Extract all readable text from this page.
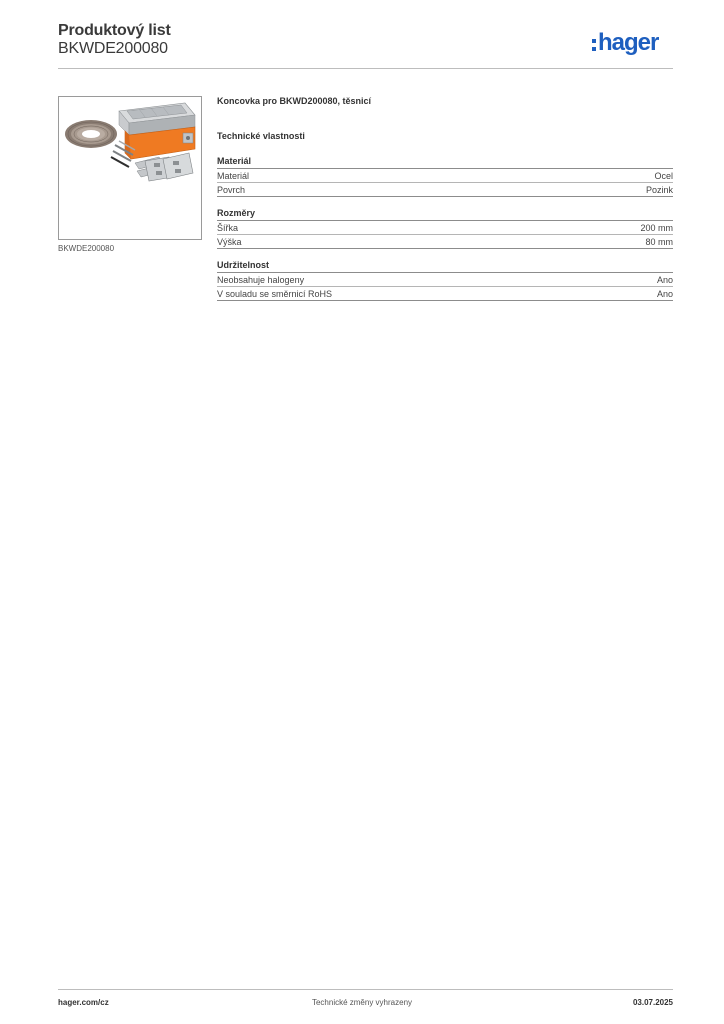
Produktový list
BKWDE200080	hager
BKWDE200080

Koncovka pro BKWD200080, těsnicí

Technické vlastnosti
Materiál
Materiál	Ocel
Povrch	Pozink
Rozměry
Šířka	200 mm
Výška	80 mm
Udržitelnost
Neobsahuje halogeny	Ano
V souladu se směrnicí RoHS	Ano
hager.com/cz	Technické změny vyhrazeny	03.07.2025
